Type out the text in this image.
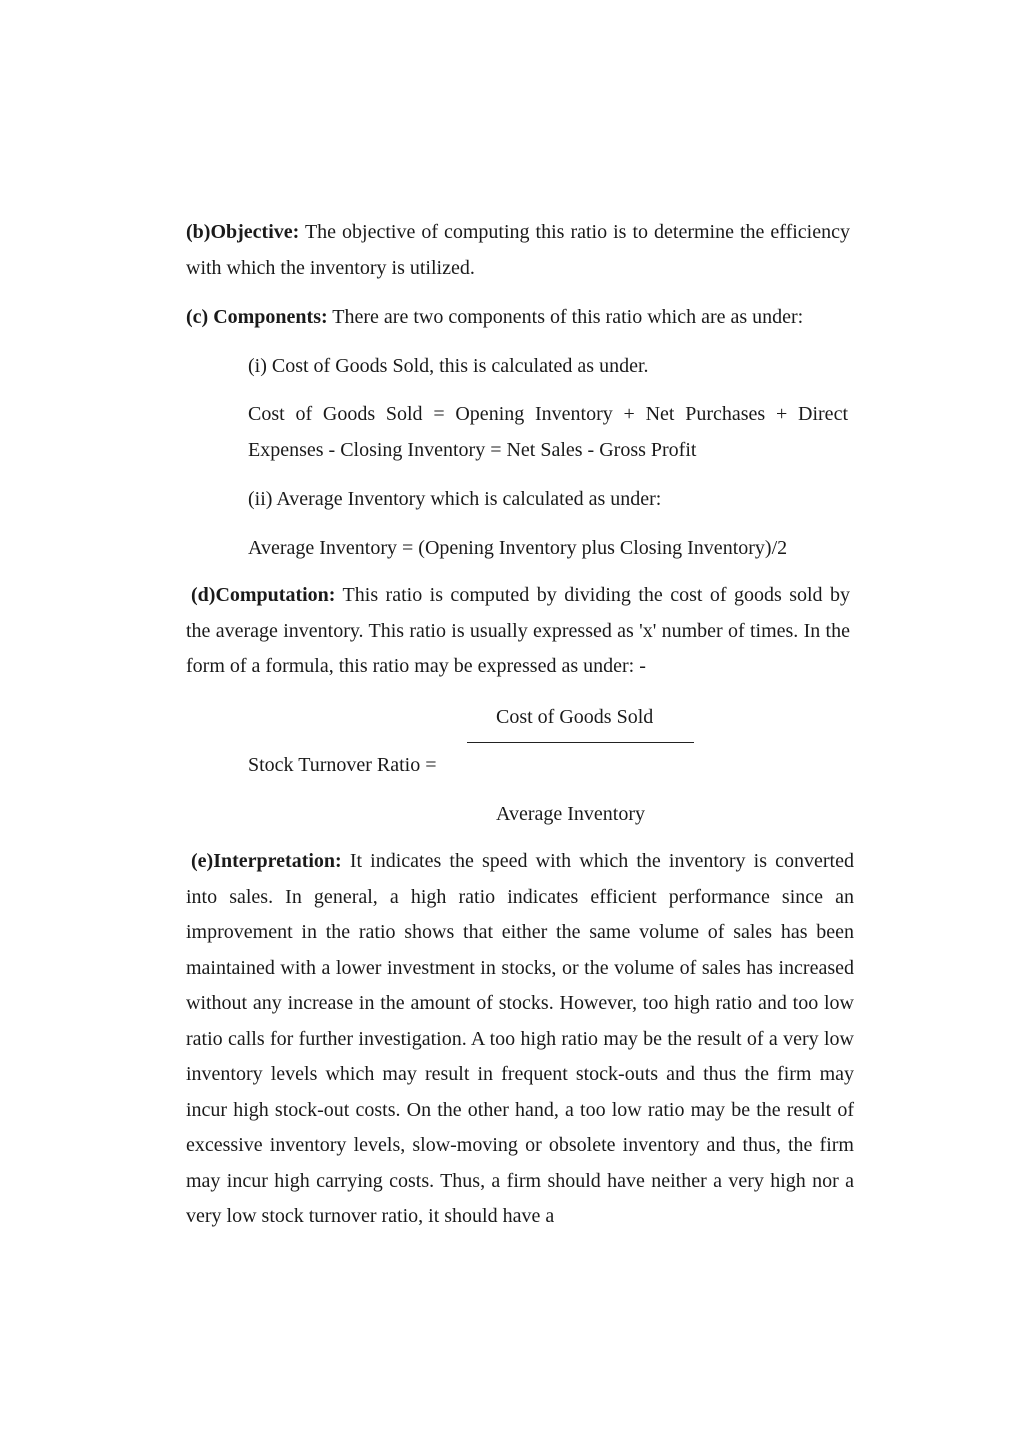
(b)Objective: The objective of computing this ratio is to determine the efficiency with which the inventory is utilized.

(c) Components: There are two components of this ratio which are as under:

(i) Cost of Goods Sold, this is calculated as under.

Cost of Goods Sold = Opening Inventory + Net Purchases + Direct Expenses - Closing Inventory = Net Sales - Gross Profit

(ii) Average Inventory which is calculated as under:

Average Inventory = (Opening Inventory plus Closing Inventory)/2

(d)Computation: This ratio is computed by dividing the cost of goods sold by the average inventory. This ratio is usually expressed as 'x' number of times. In the form of a formula, this ratio may be expressed as under: -

Cost of Goods Sold
Stock Turnover Ratio =
Average Inventory

(e)Interpretation: It indicates the speed with which the inventory is converted into sales. In general, a high ratio indicates efficient performance since an improvement in the ratio shows that either the same volume of sales has been maintained with a lower investment in stocks, or the volume of sales has increased without any increase in the amount of stocks. However, too high ratio and too low ratio calls for further investigation. A too high ratio may be the result of a very low inventory levels which may result in frequent stock-outs and thus the firm may incur high stock-out costs. On the other hand, a too low ratio may be the result of excessive inventory levels, slow-moving or obsolete inventory and thus, the firm may incur high carrying costs. Thus, a firm should have neither a very high nor a very low stock turnover ratio, it should have a
